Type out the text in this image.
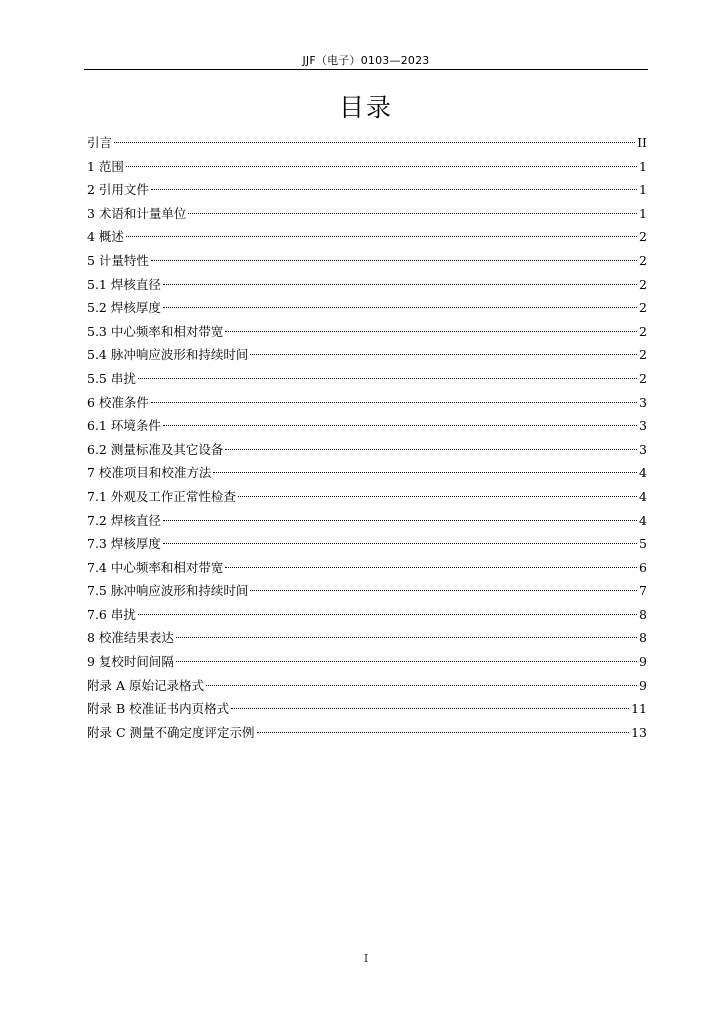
JJF（电子）0103—2023
目录
引言	II
1 范围	1
2 引用文件	1
3 术语和计量单位	1
4 概述	2
5 计量特性	2
5.1 焊核直径	2
5.2 焊核厚度	2
5.3 中心频率和相对带宽	2
5.4 脉冲响应波形和持续时间	2
5.5 串扰	2
6 校准条件	3
6.1 环境条件	3
6.2 测量标准及其它设备	3
7 校准项目和校准方法	4
7.1 外观及工作正常性检查	4
7.2 焊核直径	4
7.3 焊核厚度	5
7.4 中心频率和相对带宽	6
7.5 脉冲响应波形和持续时间	7
7.6 串扰	8
8 校准结果表达	8
9 复校时间间隔	9
附录 A 原始记录格式	9
附录 B 校准证书内页格式	11
附录 C 测量不确定度评定示例	13
I
